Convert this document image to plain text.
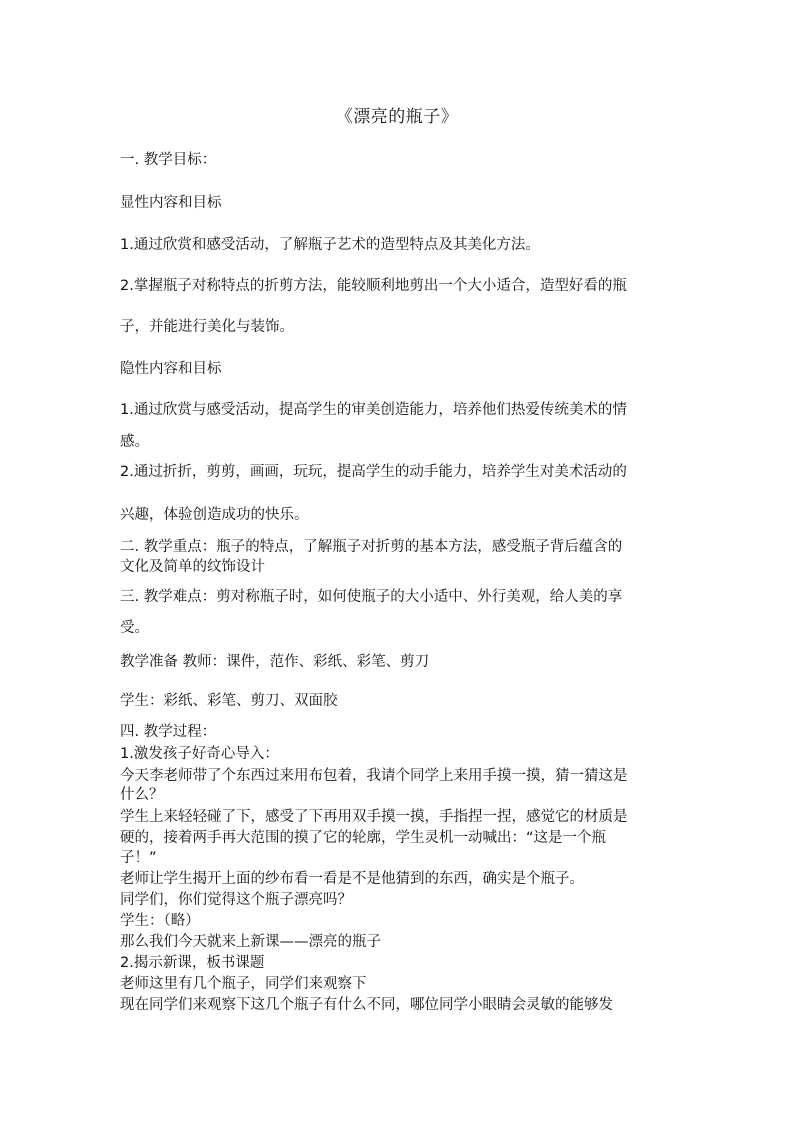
《漂亮的瓶子》
一. 教学目标：
显性内容和目标
1.通过欣赏和感受活动，了解瓶子艺术的造型特点及其美化方法。
2.掌握瓶子对称特点的折剪方法，能较顺利地剪出一个大小适合，造型好看的瓶
子，并能进行美化与装饰。
隐性内容和目标
1.通过欣赏与感受活动，提高学生的审美创造能力，培养他们热爱传统美术的情
感。
2.通过折折，剪剪，画画，玩玩，提高学生的动手能力，培养学生对美术活动的
兴趣，体验创造成功的快乐。
二. 教学重点：瓶子的特点，了解瓶子对折剪的基本方法，感受瓶子背后蕴含的
文化及简单的纹饰设计
三. 教学难点：剪对称瓶子时，如何使瓶子的大小适中、外行美观，给人美的享
受。
教学准备 教师：课件，范作、彩纸、彩笔、剪刀
学生：彩纸、彩笔、剪刀、双面胶
四. 教学过程：
1.激发孩子好奇心导入：
今天李老师带了个东西过来用布包着，我请个同学上来用手摸一摸，猜一猜这是
什么？
学生上来轻轻碰了下，感受了下再用双手摸一摸，手指捏一捏，感觉它的材质是
硬的，接着两手再大范围的摸了它的轮廓，学生灵机一动喊出：“这是一个瓶
子！”
老师让学生揭开上面的纱布看一看是不是他猜到的东西，确实是个瓶子。
同学们，你们觉得这个瓶子漂亮吗？
学生：（略）
那么我们今天就来上新课——漂亮的瓶子
2.揭示新课，板书课题
老师这里有几个瓶子，同学们来观察下
现在同学们来观察下这几个瓶子有什么不同，哪位同学小眼睛会灵敏的能够发
